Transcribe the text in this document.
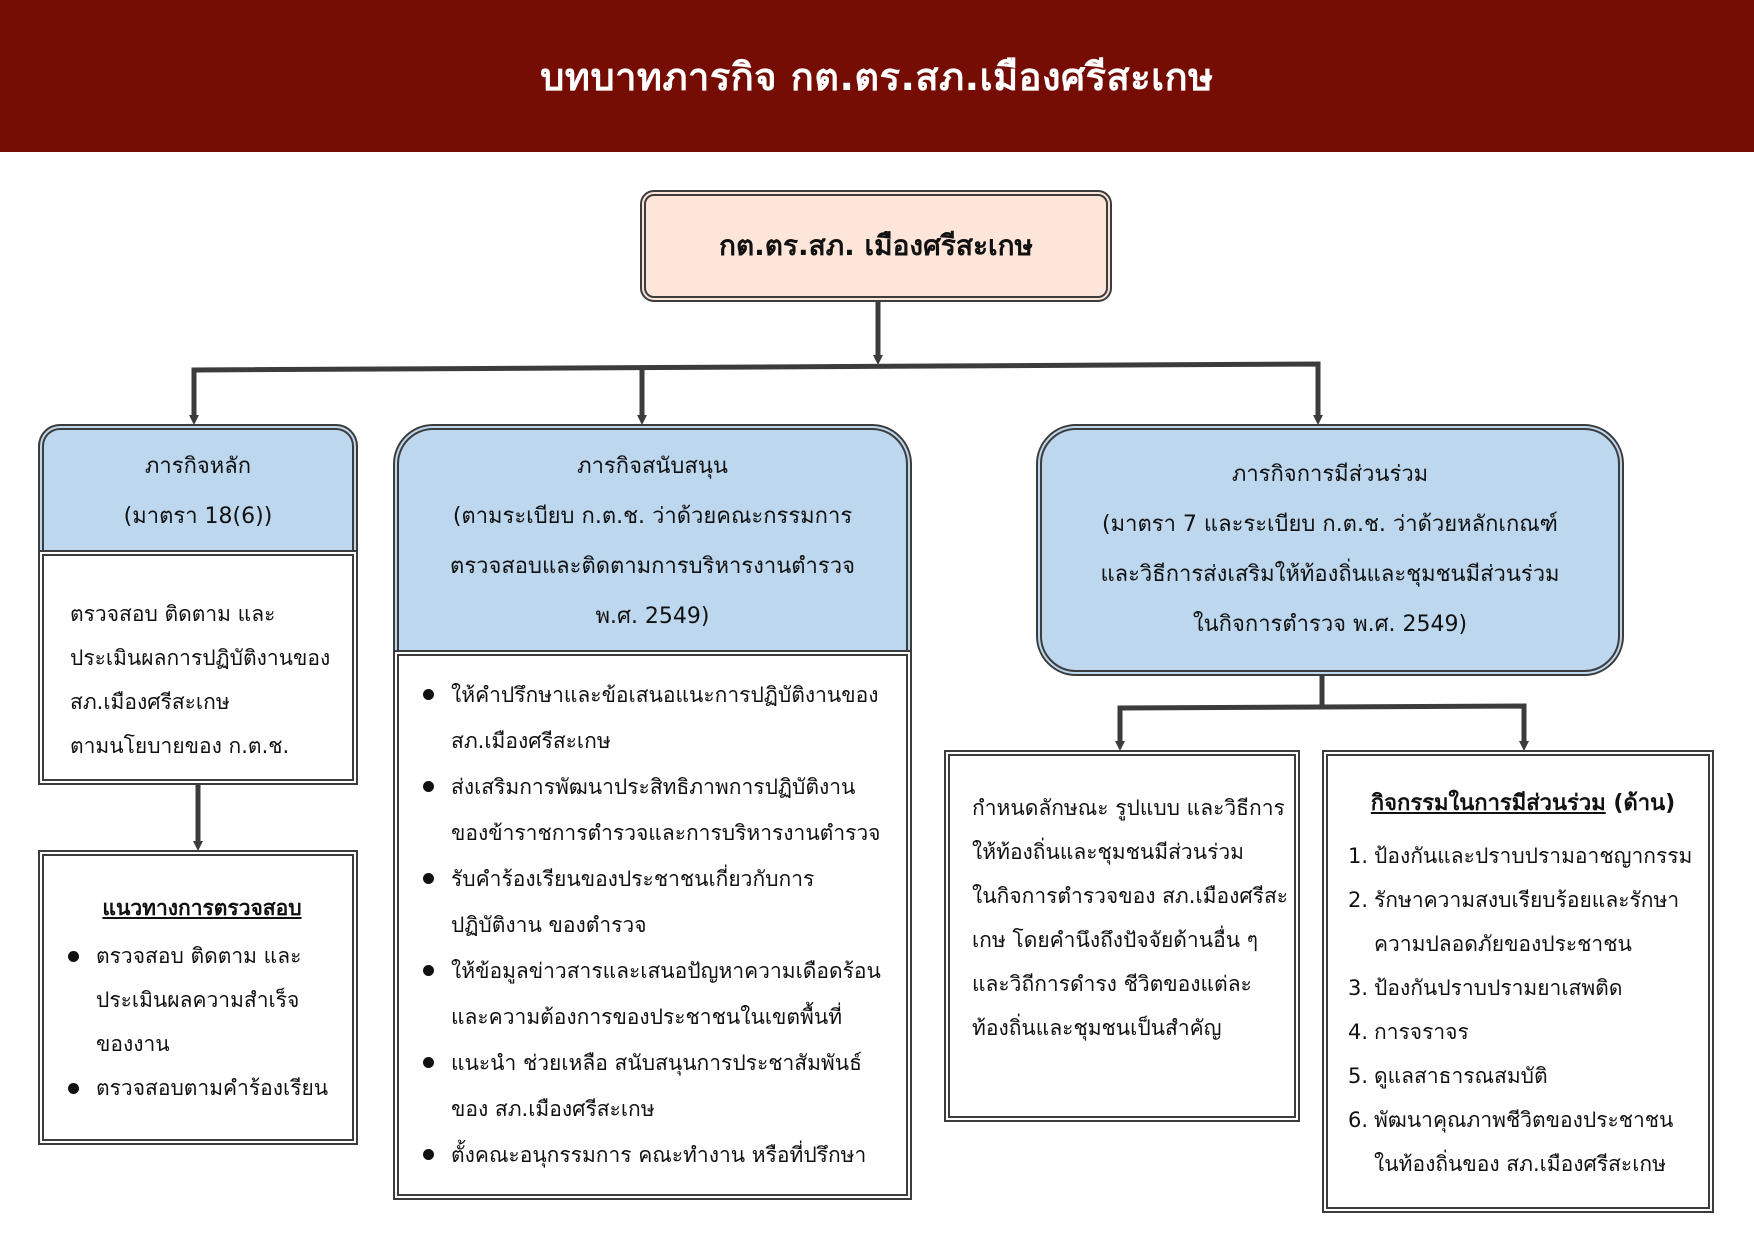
บทบาทภารกิจ กต.ตร.สภ.เมืองศรีสะเกษ
กต.ตร.สภ. เมืองศรีสะเกษ
ภารกิจหลัก
(มาตรา 18(6))
ตรวจสอบ ติดตาม และ
ประเมินผลการปฏิบัติงานของ
สภ.เมืองศรีสะเกษ
ตามนโยบายของ ก.ต.ช.
แนวทางการตรวจสอบ
ตรวจสอบ ติดตาม และ
ประเมินผลความสำเร็จ
ของงาน
ตรวจสอบตามคำร้องเรียน
ภารกิจสนับสนุน
(ตามระเบียบ ก.ต.ช. ว่าด้วยคณะกรรมการ
ตรวจสอบและติดตามการบริหารงานตำรวจ
พ.ศ. 2549)
ให้คำปรึกษาและข้อเสนอแนะการปฏิบัติงานของ
สภ.เมืองศรีสะเกษ
ส่งเสริมการพัฒนาประสิทธิภาพการปฏิบัติงาน
ของข้าราชการตำรวจและการบริหารงานตำรวจ
รับคำร้องเรียนของประชาชนเกี่ยวกับการ
ปฏิบัติงาน ของตำรวจ
ให้ข้อมูลข่าวสารและเสนอปัญหาความเดือดร้อน
และความต้องการของประชาชนในเขตพื้นที่
แนะนำ ช่วยเหลือ สนับสนุนการประชาสัมพันธ์
ของ สภ.เมืองศรีสะเกษ
ตั้งคณะอนุกรรมการ คณะทำงาน หรือที่ปรึกษา
ภารกิจการมีส่วนร่วม
(มาตรา 7 และระเบียบ ก.ต.ช. ว่าด้วยหลักเกณฑ์
และวิธีการส่งเสริมให้ท้องถิ่นและชุมชนมีส่วนร่วม
ในกิจการตำรวจ พ.ศ. 2549)
กำหนดลักษณะ รูปแบบ และวิธีการ
ให้ท้องถิ่นและชุมชนมีส่วนร่วม
ในกิจการตำรวจของ สภ.เมืองศรีสะ
เกษ โดยคำนึงถึงปัจจัยด้านอื่น ๆ
และวิถีการดำรง ชีวิตของแต่ละ
ท้องถิ่นและชุมชนเป็นสำคัญ
กิจกรรมในการมีส่วนร่วม (ด้าน)
1. ป้องกันและปราบปรามอาชญากรรม
2. รักษาความสงบเรียบร้อยและรักษา
ความปลอดภัยของประชาชน
3. ป้องกันปราบปรามยาเสพติด
4. การจราจร
5. ดูแลสาธารณสมบัติ
6. พัฒนาคุณภาพชีวิตของประชาชน
ในท้องถิ่นของ สภ.เมืองศรีสะเกษ
